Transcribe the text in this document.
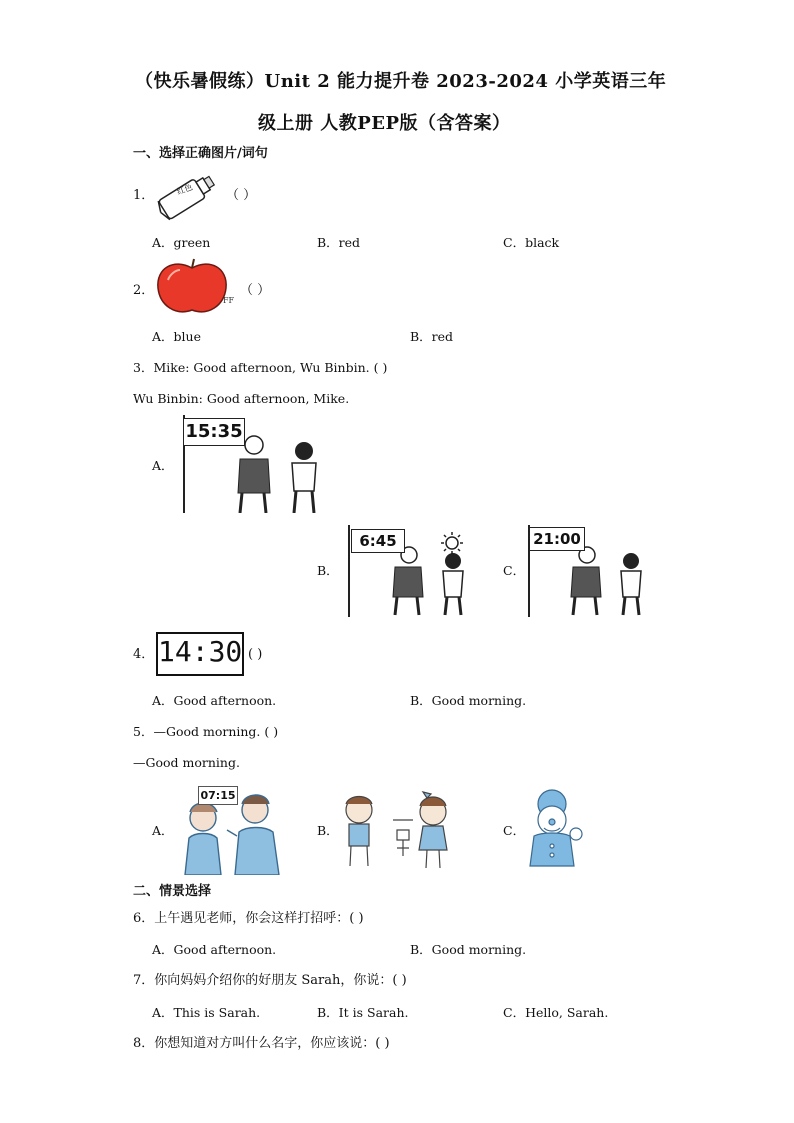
（快乐暑假练）Unit 2 能力提升卷 2023-2024 小学英语三年
级上册 人教PEP版（含答案）
一、选择正确图片/词句
1．	红色 （ ）
A．green	B．red	C．black
2．
FF
（ ）
A．blue	B．red
3．Mike: Good afternoon, Wu Binbin. ( )
Wu Binbin: Good afternoon, Mike.
A．
15:35
B．
6:45
C．
21:00
4． 14:30 ( )
A．Good afternoon.	B．Good morning.
5．—Good morning. ( )
—Good morning.
A．
07:15
B．	C．
二、情景选择
6．上午遇见老师，你会这样打招呼：( )
A．Good afternoon.	B．Good morning.
7．你向妈妈介绍你的好朋友 Sarah，你说：( )
A．This is Sarah.	B．It is Sarah.	C．Hello, Sarah.
8．你想知道对方叫什么名字，你应该说：( )
